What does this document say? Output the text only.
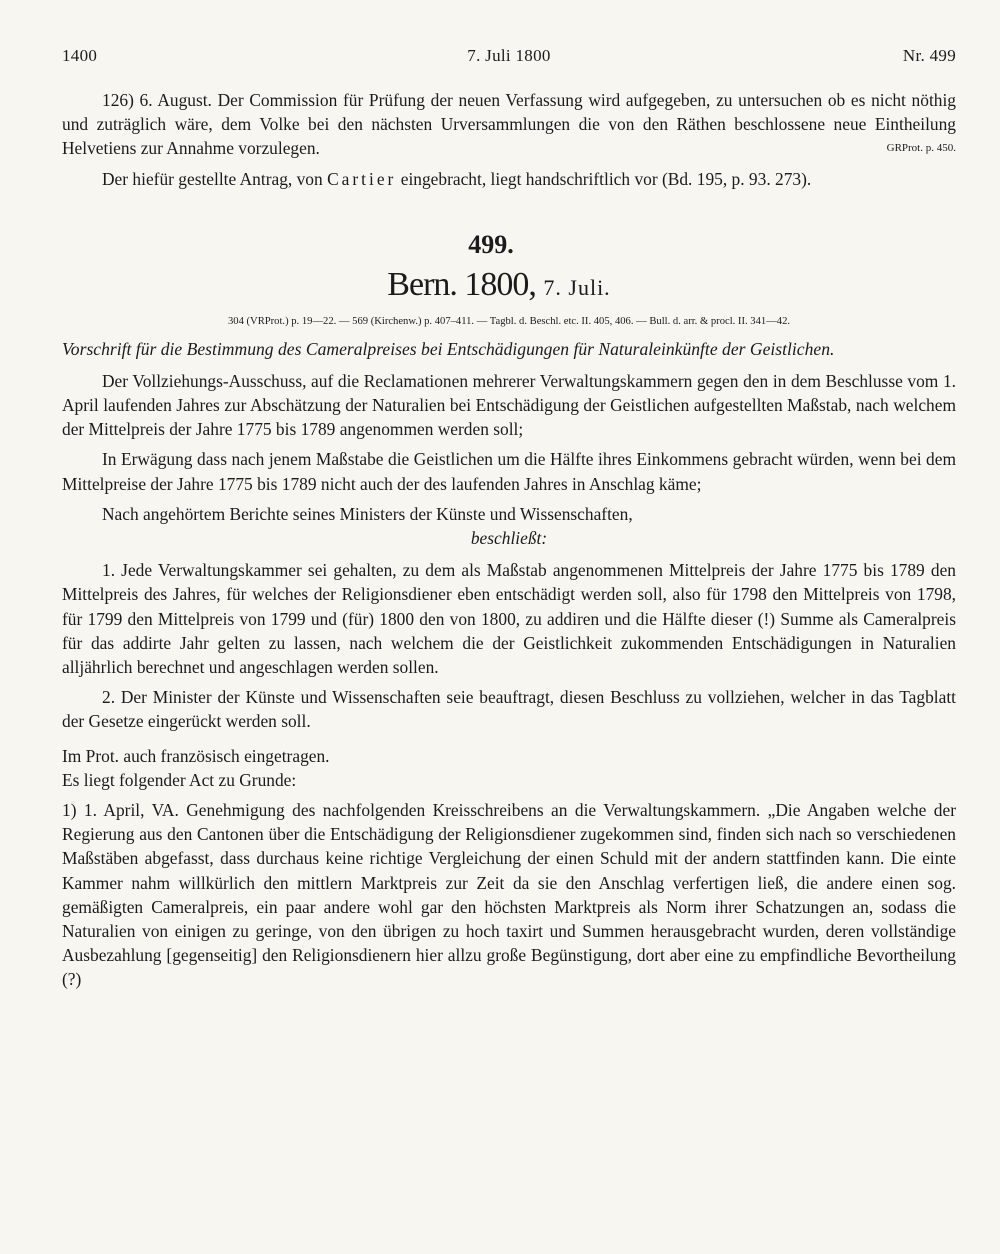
1400	7. Juli 1800	Nr. 499

126) 6. August. Der Commission für Prüfung der neuen Verfassung wird aufgegeben, zu untersuchen ob es nicht nöthig und zuträglich wäre, dem Volke bei den nächsten Urversammlungen die von den Räthen beschlossene neue Eintheilung Helvetiens zur Annahme vorzulegen.	GRProt. p. 450.

Der hiefür gestellte Antrag, von Cartier eingebracht, liegt handschriftlich vor (Bd. 195, p. 93. 273).

499.
Bern. 1800, 7. Juli.
304 (VRProt.) p. 19—22. — 569 (Kirchenw.) p. 407–411. — Tagbl. d. Beschl. etc. II. 405, 406. — Bull. d. arr. & procl. II. 341—42.
Vorschrift für die Bestimmung des Cameralpreises bei Entschädigungen für Naturaleinkünfte der Geistlichen.

Der Vollziehungs-Ausschuss, auf die Reclamationen mehrerer Verwaltungskammern gegen den in dem Beschlusse vom 1. April laufenden Jahres zur Abschätzung der Naturalien bei Entschädigung der Geistlichen aufgestellten Maßstab, nach welchem der Mittelpreis der Jahre 1775 bis 1789 angenommen werden soll;

In Erwägung dass nach jenem Maßstabe die Geistlichen um die Hälfte ihres Einkommens gebracht würden, wenn bei dem Mittelpreise der Jahre 1775 bis 1789 nicht auch der des laufenden Jahres in Anschlag käme;

Nach angehörtem Berichte seines Ministers der Künste und Wissenschaften,

beschließt:

1. Jede Verwaltungskammer sei gehalten, zu dem als Maßstab angenommenen Mittelpreis der Jahre 1775 bis 1789 den Mittelpreis des Jahres, für welches der Religionsdiener eben entschädigt werden soll, also für 1798 den Mittelpreis von 1798, für 1799 den Mittelpreis von 1799 und (für) 1800 den von 1800, zu addiren und die Hälfte dieser (!) Summe als Cameralpreis für das addirte Jahr gelten zu lassen, nach welchem die der Geistlichkeit zukommenden Entschädigungen in Naturalien alljährlich berechnet und angeschlagen werden sollen.

2. Der Minister der Künste und Wissenschaften seie beauftragt, diesen Beschluss zu vollziehen, welcher in das Tagblatt der Gesetze eingerückt werden soll.

Im Prot. auch französisch eingetragen.

Es liegt folgender Act zu Grunde:

1) 1. April, VA. Genehmigung des nachfolgenden Kreisschreibens an die Verwaltungskammern. „Die Angaben welche der Regierung aus den Cantonen über die Entschädigung der Religionsdiener zugekommen sind, finden sich nach so verschiedenen Maßstäben abgefasst, dass durchaus keine richtige Vergleichung der einen Schuld mit der andern stattfinden kann. Die einte Kammer nahm willkürlich den mittlern Marktpreis zur Zeit da sie den Anschlag verfertigen ließ, die andere einen sog. gemäßigten Cameralpreis, ein paar andere wohl gar den höchsten Marktpreis als Norm ihrer Schatzungen an, sodass die Naturalien von einigen zu geringe, von den übrigen zu hoch taxirt und Summen herausgebracht wurden, deren vollständige Ausbezahlung [gegenseitig] den Religionsdienern hier allzu große Begünstigung, dort aber eine zu empfindliche Bevortheilung (?)
